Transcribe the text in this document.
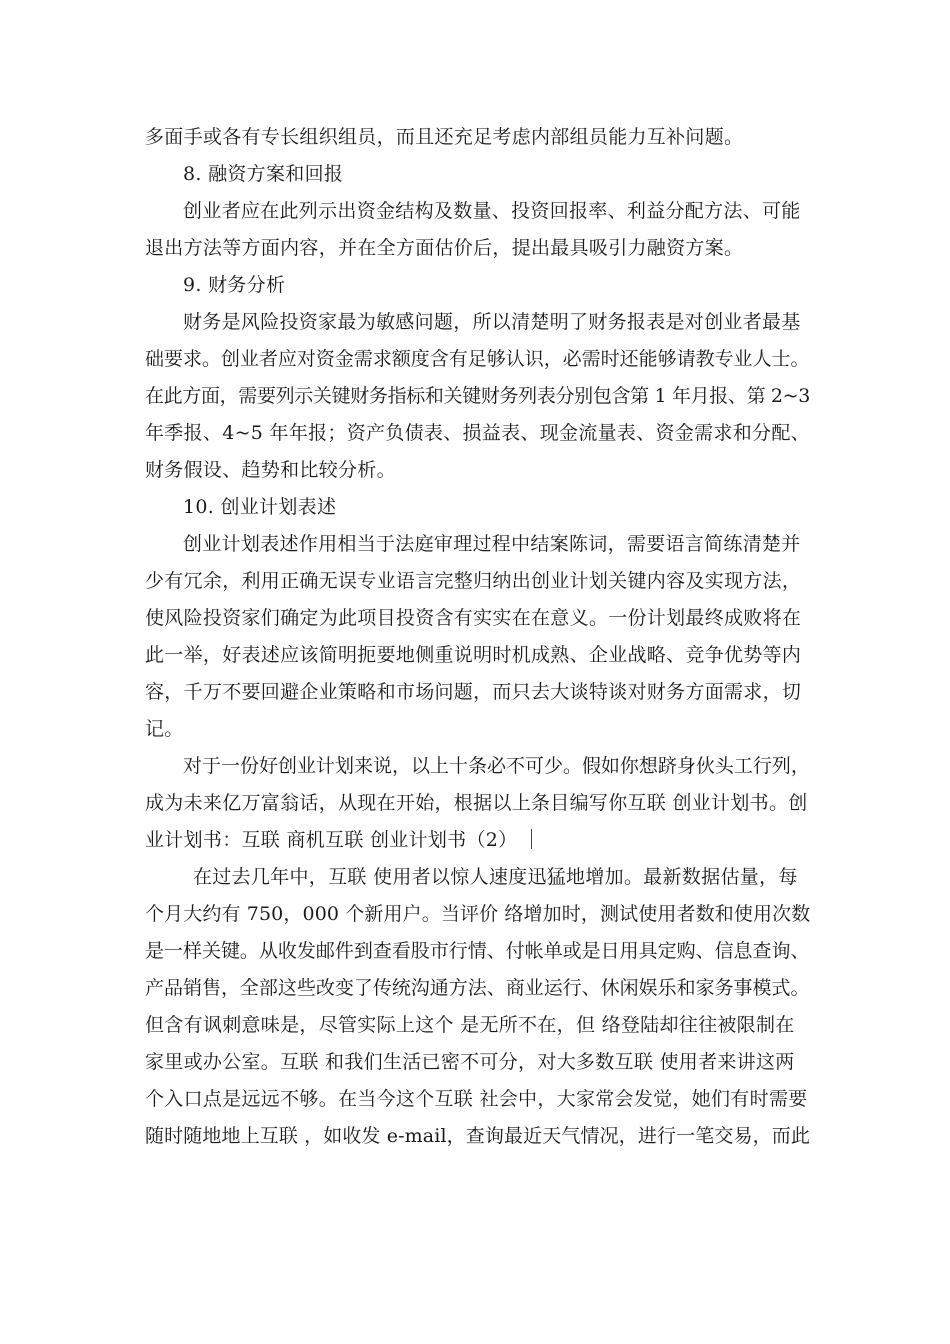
多面手或各有专长组织组员，而且还充足考虑内部组员能力互补问题。
8. 融资方案和回报
创业者应在此列示出资金结构及数量、投资回报率、利益分配方法、可能
退出方法等方面内容，并在全方面估价后，提出最具吸引力融资方案。
9. 财务分析
财务是风险投资家最为敏感问题，所以清楚明了财务报表是对创业者最基
础要求。创业者应对资金需求额度含有足够认识，必需时还能够请教专业人士。
在此方面，需要列示关键财务指标和关键财务列表分别包含第 1 年月报、第 2~3
年季报、4~5 年年报；资产负债表、损益表、现金流量表、资金需求和分配、
财务假设、趋势和比较分析。
10. 创业计划表述
创业计划表述作用相当于法庭审理过程中结案陈词，需要语言简练清楚并
少有冗余，利用正确无误专业语言完整归纳出创业计划关键内容及实现方法，
使风险投资家们确定为此项目投资含有实实在在意义。一份计划最终成败将在
此一举，好表述应该简明扼要地侧重说明时机成熟、企业战略、竞争优势等内
容，千万不要回避企业策略和市场问题，而只去大谈特谈对财务方面需求，切
记。
对于一份好创业计划来说，以上十条必不可少。假如你想跻身伙头工行列，
成为未来亿万富翁话，从现在开始，根据以上条目编写你互联 创业计划书。创
业计划书：互联 商机互联 创业计划书（2）
在过去几年中，互联 使用者以惊人速度迅猛地增加。最新数据估量，每
个月大约有 750，000 个新用户。当评价 络增加时，测试使用者数和使用次数
是一样关键。从收发邮件到查看股市行情、付帐单或是日用具定购、信息查询、
产品销售，全部这些改变了传统沟通方法、商业运行、休闲娱乐和家务事模式。
但含有讽刺意味是，尽管实际上这个 是无所不在，但 络登陆却往往被限制在
家里或办公室。互联 和我们生活已密不可分，对大多数互联 使用者来讲这两
个入口点是远远不够。在当今这个互联 社会中，大家常会发觉，她们有时需要
随时随地地上互联 ，如收发 e-mail，查询最近天气情况，进行一笔交易，而此
